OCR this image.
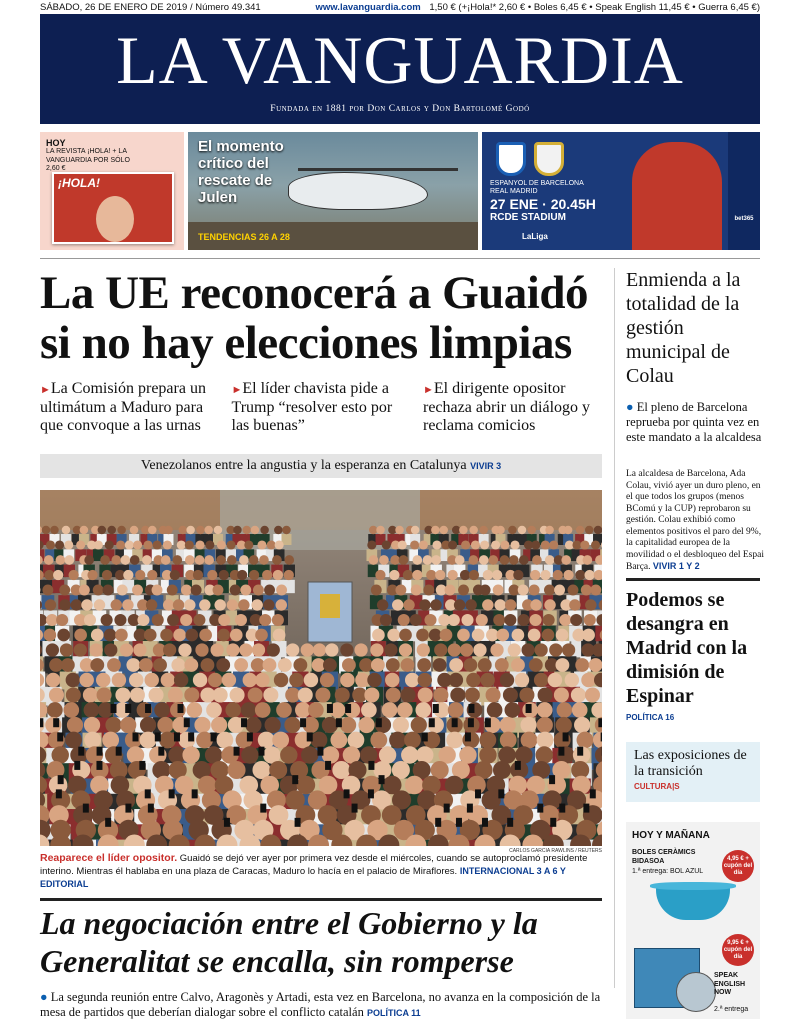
SÁBADO, 26 DE ENERO DE 2019 / Número 49.341	www.lavanguardia.com 1,50 € (+¡Hola!* 2,60 € • Boles 6,45 € • Speak English 11,45 € • Guerra 6,45 €)
LA VANGUARDIA
Fundada en 1881 por Don Carlos y Don Bartolomé Godó
HOY
LA REVISTA ¡HOLA! + LA VANGUARDIA POR SÓLO 2,60 €
¡HOLA!
El momento crítico del rescate de Julen
TENDENCIAS 26 A 28
ESPANYOL DE BARCELONA REAL MADRID
27 ENE · 20.45H
RCDE STADIUM
LaLiga
bet365
La UE reconocerá a Guaidó si no hay elecciones limpias
►La Comisión prepara un ultimátum a Maduro para que convoque a las urnas
►El líder chavista pide a Trump “resolver esto por las buenas”
►El dirigente opositor rechaza abrir un diálogo y reclama comicios
Venezolanos entre la angustia y la esperanza en Catalunya VIVIR 3
CARLOS GARCIA RAWLINS / REUTERS
Reaparece el líder opositor. Guaidó se dejó ver ayer por primera vez desde el miércoles, cuando se autoproclamó presidente interino. Mientras él hablaba en una plaza de Caracas, Maduro lo hacía en el palacio de Miraflores. INTERNACIONAL 3 A 6 Y EDITORIAL
La negociación entre el Gobierno y la Generalitat se encalla, sin romperse
● La segunda reunión entre Calvo, Aragonès y Artadi, esta vez en Barcelona, no avanza en la composición de la mesa de partidos que deberían dialogar sobre el conflicto catalán POLÍTICA 11
Enmienda a la totalidad de la gestión municipal de Colau
● El pleno de Barcelona reprueba por quinta vez en este mandato a la alcaldesa
La alcaldesa de Barcelona, Ada Colau, vivió ayer un duro pleno, en el que todos los grupos (menos BComú y la CUP) reprobaron su gestión. Colau exhibió como elementos positivos el paro del 9%, la capitalidad europea de la movilidad o el desbloqueo del Espai Barça. VIVIR 1 Y 2
Podemos se desangra en Madrid con la dimisión de Espinar
POLÍTICA 16
Las exposiciones de la transición
CULTURA|S
HOY Y MAÑANA
BOLES CERÀMICS BIDASOA
1.ª entrega: BOL AZUL
4,95 € + cupón del día
9,95 € + cupón del día
SPEAK ENGLISH NOW
2.ª entrega
